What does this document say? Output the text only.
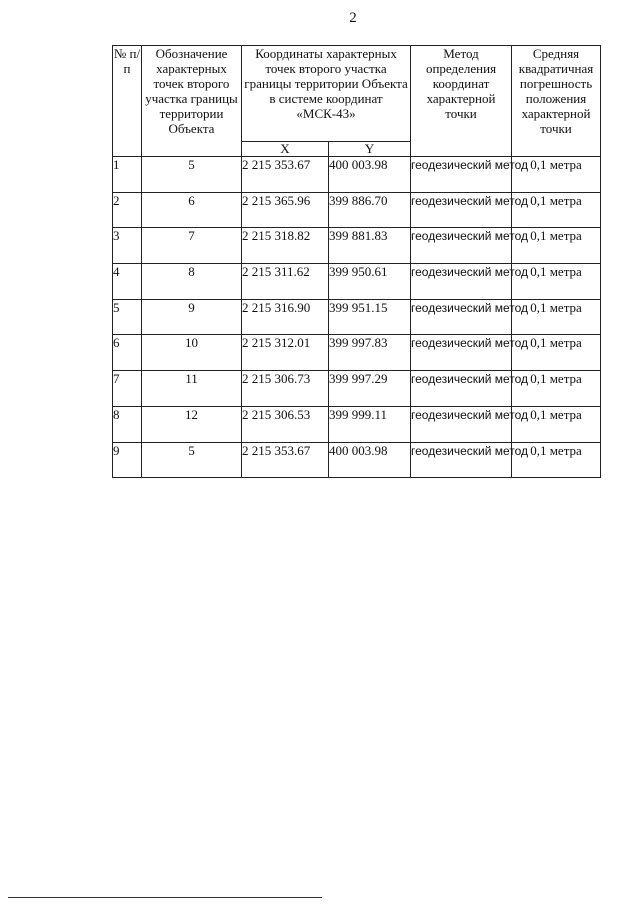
2
№ п/п	Обозначение характерных точек второго участка границы территории Объекта	Координаты характерных точек второго участка границы территории Объекта в системе координат «МСК-43»		Метод определения координат характерной точки	Средняя квадратичная погрешность положения характерной точки
		X	Y		
1	5	2 215 353.67	400 003.98	геодезический метод	0,1 метра
2	6	2 215 365.96	399 886.70	геодезический метод	0,1 метра
3	7	2 215 318.82	399 881.83	геодезический метод	0,1 метра
4	8	2 215 311.62	399 950.61	геодезический метод	0,1 метра
5	9	2 215 316.90	399 951.15	геодезический метод	0,1 метра
6	10	2 215 312.01	399 997.83	геодезический метод	0,1 метра
7	11	2 215 306.73	399 997.29	геодезический метод	0,1 метра
8	12	2 215 306.53	399 999.11	геодезический метод	0,1 метра
9	5	2 215 353.67	400 003.98	геодезический метод	0,1 метра
